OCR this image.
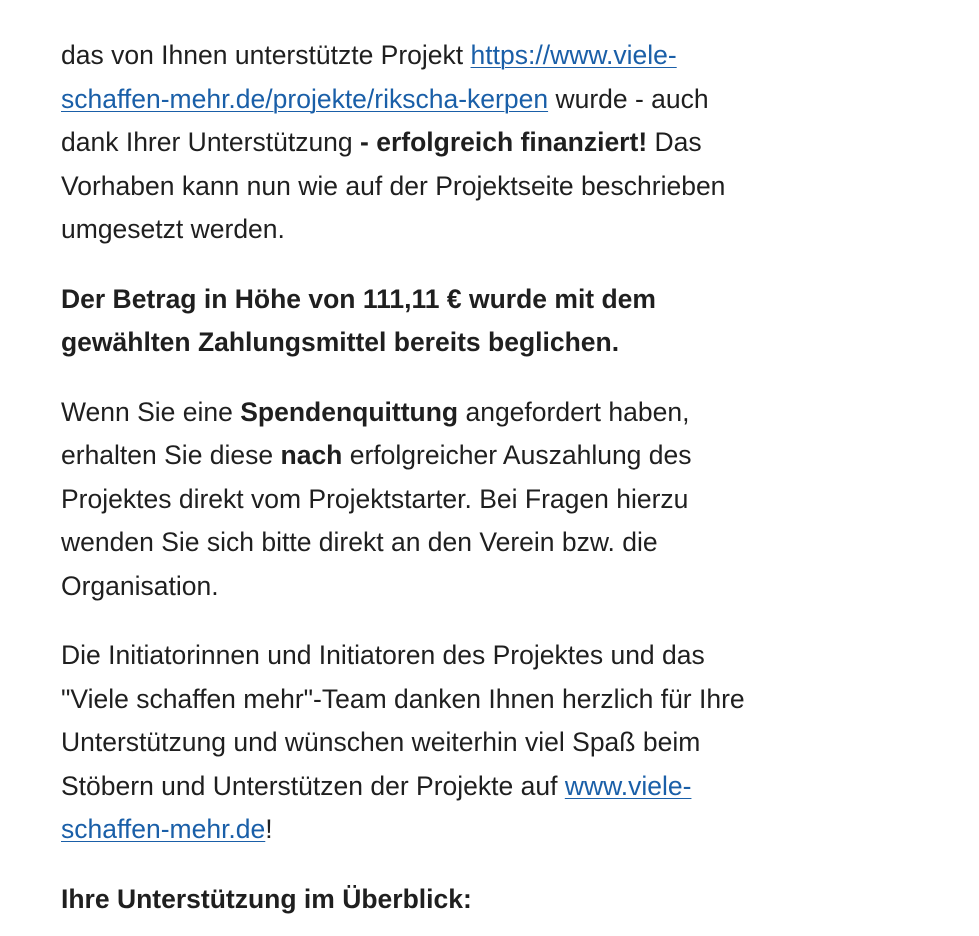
das von Ihnen unterstützte Projekt https://www.viele-schaffen-mehr.de/projekte/rikscha-kerpen wurde - auch dank Ihrer Unterstützung - erfolgreich finanziert! Das Vorhaben kann nun wie auf der Projektseite beschrieben umgesetzt werden.

Der Betrag in Höhe von 111,11 € wurde mit dem gewählten Zahlungsmittel bereits beglichen.

Wenn Sie eine Spendenquittung angefordert haben, erhalten Sie diese nach erfolgreicher Auszahlung des Projektes direkt vom Projektstarter. Bei Fragen hierzu wenden Sie sich bitte direkt an den Verein bzw. die Organisation.

Die Initiatorinnen und Initiatoren des Projektes und das "Viele schaffen mehr"-Team danken Ihnen herzlich für Ihre Unterstützung und wünschen weiterhin viel Spaß beim Stöbern und Unterstützen der Projekte auf www.viele-schaffen-mehr.de!

Ihre Unterstützung im Überblick:
